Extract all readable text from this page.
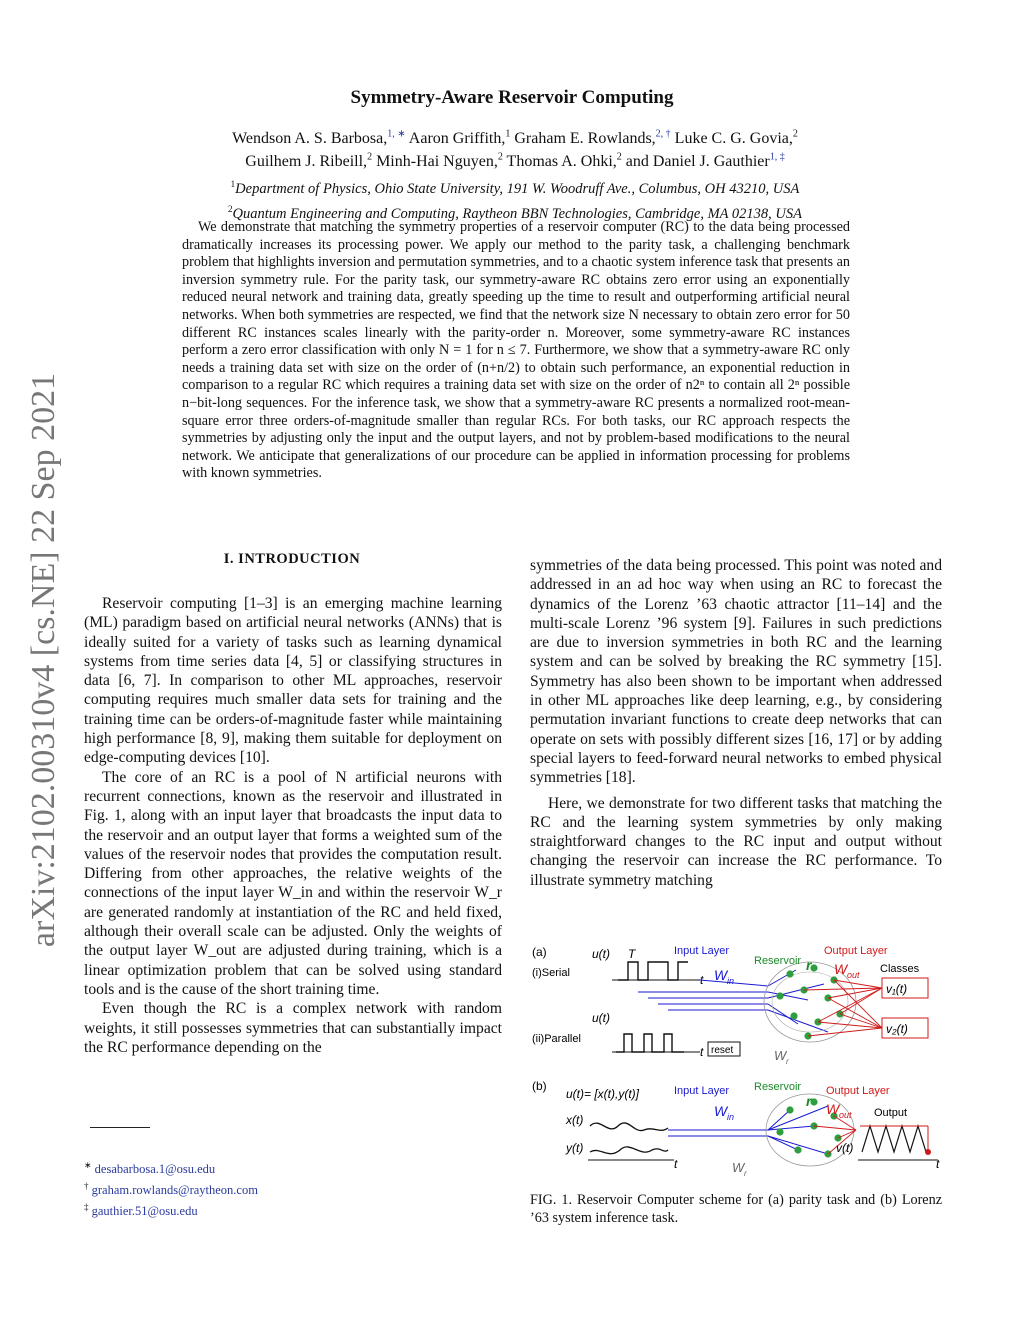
arXiv:2102.00310v4 [cs.NE] 22 Sep 2021
Symmetry-Aware Reservoir Computing
Wendson A. S. Barbosa,$^{1, ∗}$ Aaron Griffith,$^1$ Graham E. Rowlands,$^{2, \dagger}$ Luke C. G. Govia,$^2$
Guilhem J. Ribeill,$^2$ Minh-Hai Nguyen,$^2$ Thomas A. Ohki,$^2$ and Daniel J. Gauthier$^{1, \ddagger}$
$^1$Department of Physics, Ohio State University, 191 W. Woodruff Ave., Columbus, OH 43210, USA
$^2$Quantum Engineering and Computing, Raytheon BBN Technologies, Cambridge, MA 02138, USA
We demonstrate that matching the symmetry properties of a reservoir computer (RC) to the data being processed dramatically increases its processing power. We apply our method to the parity task, a challenging benchmark problem that highlights inversion and permutation symmetries, and to a chaotic system inference task that presents an inversion symmetry rule. For the parity task, our symmetry-aware RC obtains zero error using an exponentially reduced neural network and training data, greatly speeding up the time to result and outperforming artificial neural networks. When both symmetries are respected, we find that the network size N necessary to obtain zero error for 50 different RC instances scales linearly with the parity-order n. Moreover, some symmetry-aware RC instances perform a zero error classification with only N = 1 for n ≤ 7. Furthermore, we show that a symmetry-aware RC only needs a training data set with size on the order of (n+n/2) to obtain such performance, an exponential reduction in comparison to a regular RC which requires a training data set with size on the order of n2ⁿ to contain all 2ⁿ possible n−bit-long sequences. For the inference task, we show that a symmetry-aware RC presents a normalized root-mean-square error three orders-of-magnitude smaller than regular RCs. For both tasks, our RC approach respects the symmetries by adjusting only the input and the output layers, and not by problem-based modifications to the neural network. We anticipate that generalizations of our procedure can be applied in information processing for problems with known symmetries.
I. INTRODUCTION

Reservoir computing [1–3] is an emerging machine learning (ML) paradigm based on artificial neural networks (ANNs) that is ideally suited for a variety of tasks such as learning dynamical systems from time series data [4, 5] or classifying structures in data [6, 7]. In comparison to other ML approaches, reservoir computing requires much smaller data sets for training and the training time can be orders-of-magnitude faster while maintaining high performance [8, 9], making them suitable for deployment on edge-computing devices [10].

The core of an RC is a pool of N artificial neurons with recurrent connections, known as the reservoir and illustrated in Fig. 1, along with an input layer that broadcasts the input data to the reservoir and an output layer that forms a weighted sum of the values of the reservoir nodes that provides the computation result. Differing from other approaches, the relative weights of the connections of the input layer W_in and within the reservoir W_r are generated randomly at instantiation of the RC and held fixed, although their overall scale can be adjusted. Only the weights of the output layer W_out are adjusted during training, which is a linear optimization problem that can be solved using standard tools and is the cause of the short training time.

Even though the RC is a complex network with random weights, it still possesses symmetries that can substantially impact the RC performance depending on the

∗ desabarbosa.1@osu.edu
† graham.rowlands@raytheon.com
‡ gauthier.51@osu.edu

symmetries of the data being processed. This point was noted and addressed in an ad hoc way when using an RC to forecast the dynamics of the Lorenz ’63 chaotic attractor [11–14] and the multi-scale Lorenz ’96 system [9]. Failures in such predictions are due to inversion symmetries in both RC and the learning system and can be solved by breaking the RC symmetry [15]. Symmetry has also been shown to be important when addressed in other ML approaches like deep learning, e.g., by considering permutation invariant functions to create deep networks that can operate on sets with possibly different sizes [16, 17] or by adding special layers to feed-forward neural networks to embed physical symmetries [18].

Here, we demonstrate for two different tasks that matching the RC and the learning system symmetries by only making straightforward changes to the RC input and output without changing the reservoir can increase the RC performance. To illustrate symmetry matching

(a)
(i)Serial
(ii)Parallel
u(t) T
u(t)
t
t reset
Input Layer
W in
Reservoir r
W r
Output Layer
W out Classes
v₁(t)
v₂(t)
(b)
u(t)= [x(t),y(t)]
x(t)
y(t)
t
Input Layer
W in
Reservoir
r
W r
Output Layer
W out Output
v(t)
t
FIG. 1. Reservoir Computer scheme for (a) parity task and (b) Lorenz ’63 system inference task.
